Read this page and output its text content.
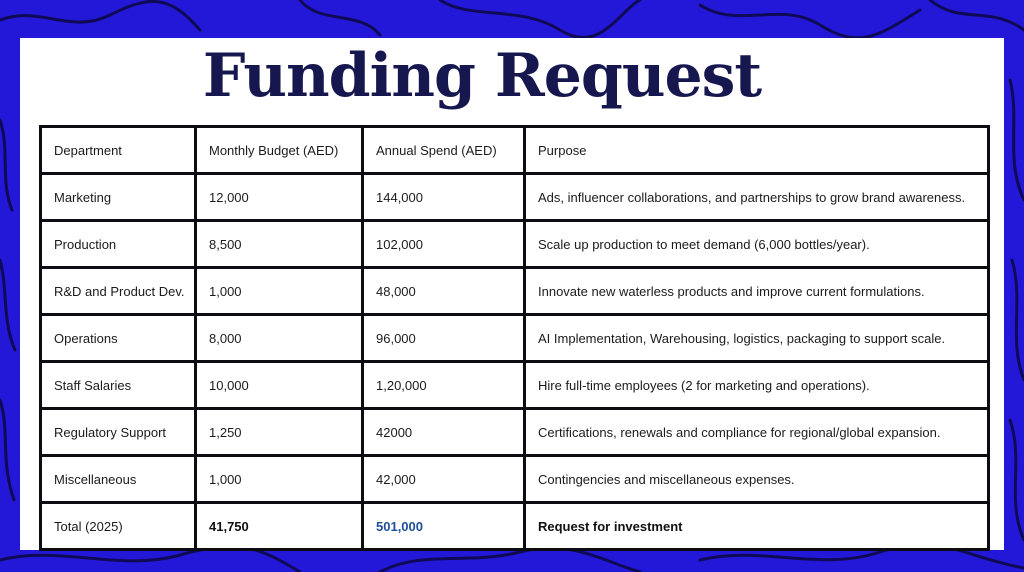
Funding Request
Department	Monthly Budget (AED)	Annual Spend (AED)	Purpose
Marketing	12,000	144,000	Ads, influencer collaborations, and partnerships to grow brand awareness.
Production	8,500	102,000	Scale up production to meet demand (6,000 bottles/year).
R&D and Product Dev.	1,000	48,000	Innovate new waterless products and improve current formulations.
Operations	8,000	96,000	AI Implementation, Warehousing, logistics, packaging to support scale.
Staff Salaries	10,000	1,20,000	Hire full-time employees (2 for marketing and operations).
Regulatory Support	1,250	42000	Certifications, renewals and compliance for regional/global expansion.
Miscellaneous	1,000	42,000	Contingencies and miscellaneous expenses.
Total (2025)	41,750	501,000	Request for investment
